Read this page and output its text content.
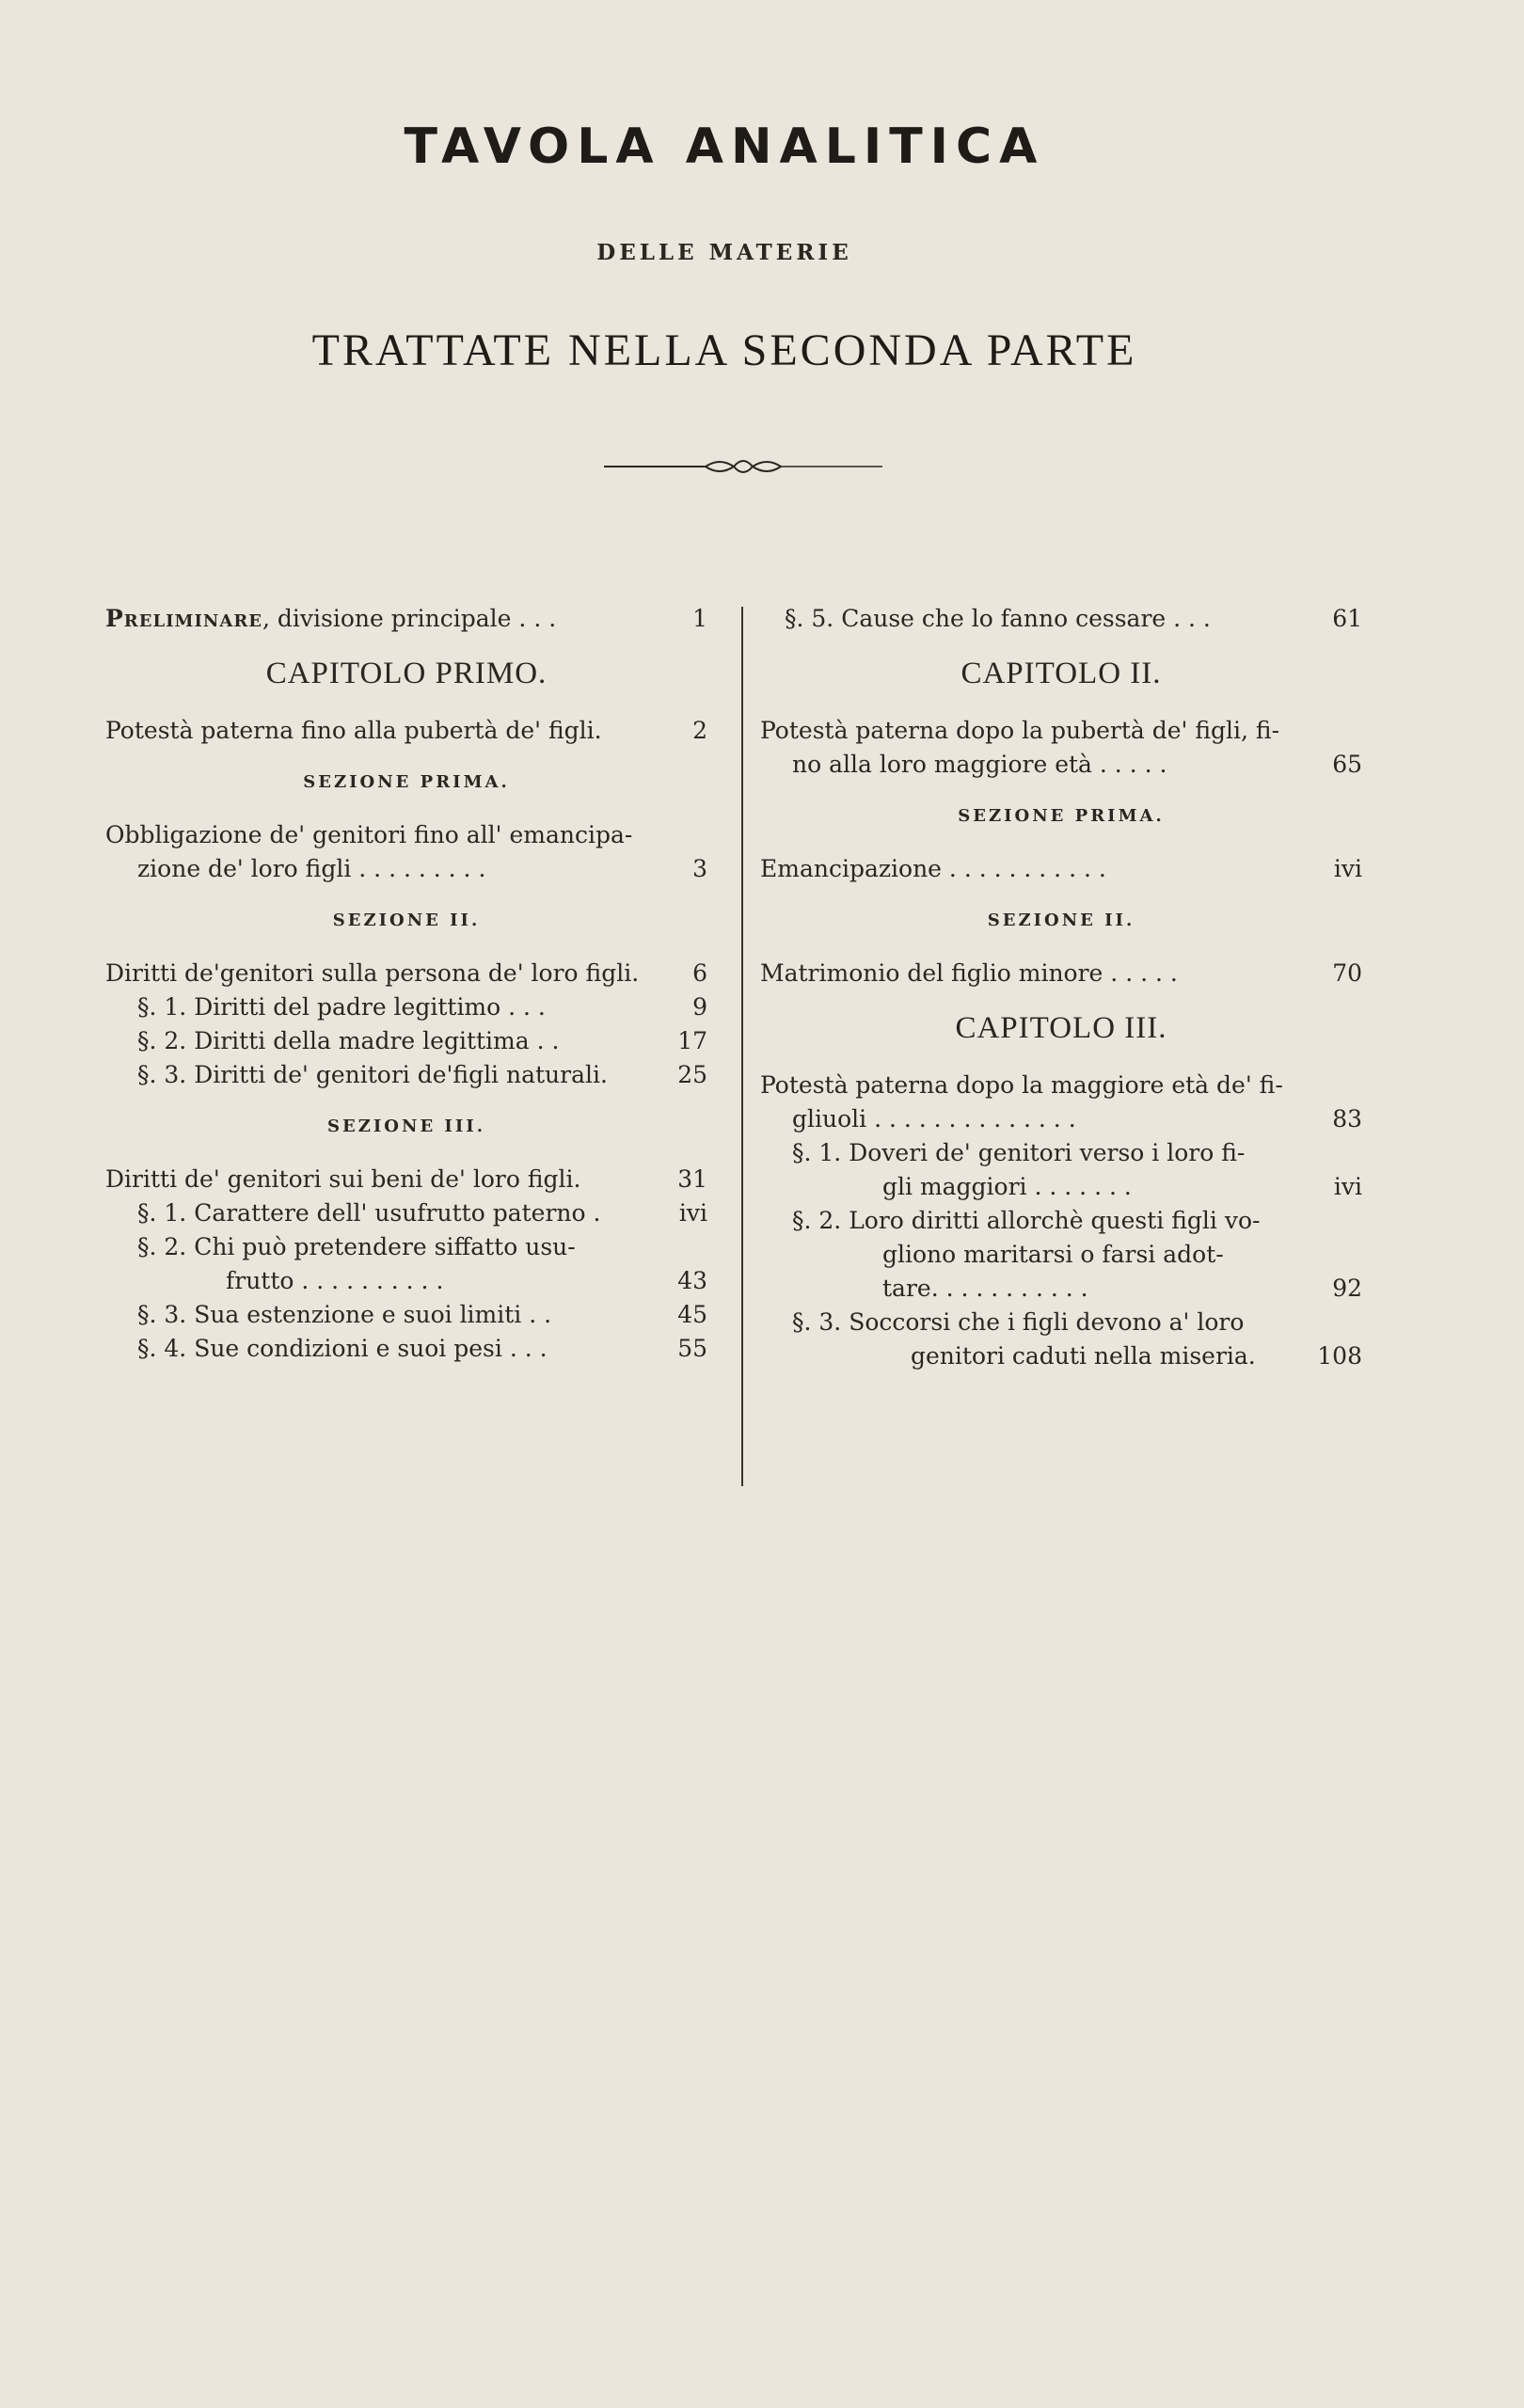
TAVOLA ANALITICA
DELLE MATERIE
TRATTATE NELLA SECONDA PARTE
Preliminare, divisione principale . . .	1
CAPITOLO PRIMO.
Potestà paterna fino alla pubertà de' figli.	2
SEZIONE PRIMA.
Obbligazione de' genitori fino all' emancipa-
zione de' loro figli . . . . . . . . .	3
SEZIONE II.
Diritti de'genitori sulla persona de' loro figli.	6
§. 1. Diritti del padre legittimo . . .	9
§. 2. Diritti della madre legittima . .	17
§. 3. Diritti de' genitori de'figli naturali.	25
SEZIONE III.
Diritti de' genitori sui beni de' loro figli.	31
§. 1. Carattere dell' usufrutto paterno .	ivi
§. 2. Chi può pretendere siffatto usu-
frutto . . . . . . . . . .	43
§. 3. Sua estenzione e suoi limiti . .	45
§. 4. Sue condizioni e suoi pesi . . .	55
§. 5. Cause che lo fanno cessare . . .	61
CAPITOLO II.
Potestà paterna dopo la pubertà de' figli, fi-
no alla loro maggiore età . . . . .	65
SEZIONE PRIMA.
Emancipazione . . . . . . . . . . .	ivi
SEZIONE II.
Matrimonio del figlio minore . . . . .	70
CAPITOLO III.
Potestà paterna dopo la maggiore età de' fi-
gliuoli . . . . . . . . . . . . . .	83
§. 1. Doveri de' genitori verso i loro fi-
gli maggiori . . . . . . .	ivi
§. 2. Loro diritti allorchè questi figli vo-
gliono maritarsi o farsi adot-
tare. . . . . . . . . . .	92
§. 3. Soccorsi che i figli devono a' loro
genitori caduti nella miseria.	108
